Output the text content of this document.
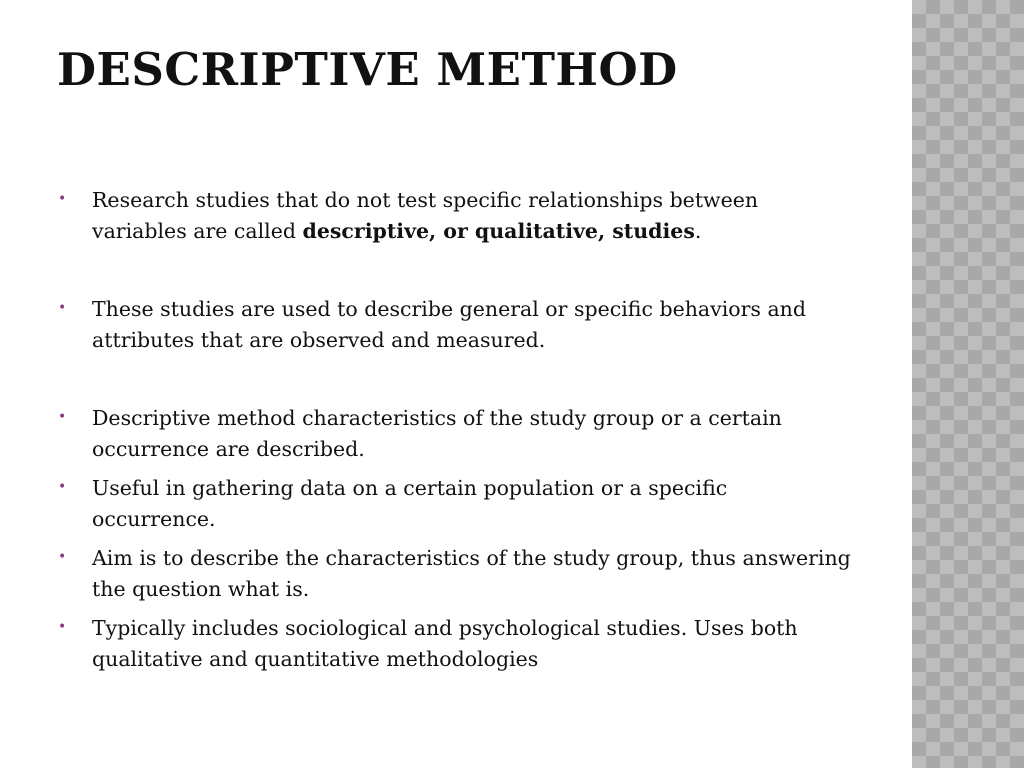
DESCRIPTIVE METHOD
• Research studies that do not test specific relationships between variables are called descriptive, or qualitative, studies.
• These studies are used to describe general or specific behaviors and attributes that are observed and measured.
• Descriptive method characteristics of the study group or a certain occurrence are described.
• Useful in gathering data on a certain population or a specific occurrence.
• Aim is to describe the characteristics of the study group, thus answering the question what is.
• Typically includes sociological and psychological studies. Uses both qualitative and quantitative methodologies
